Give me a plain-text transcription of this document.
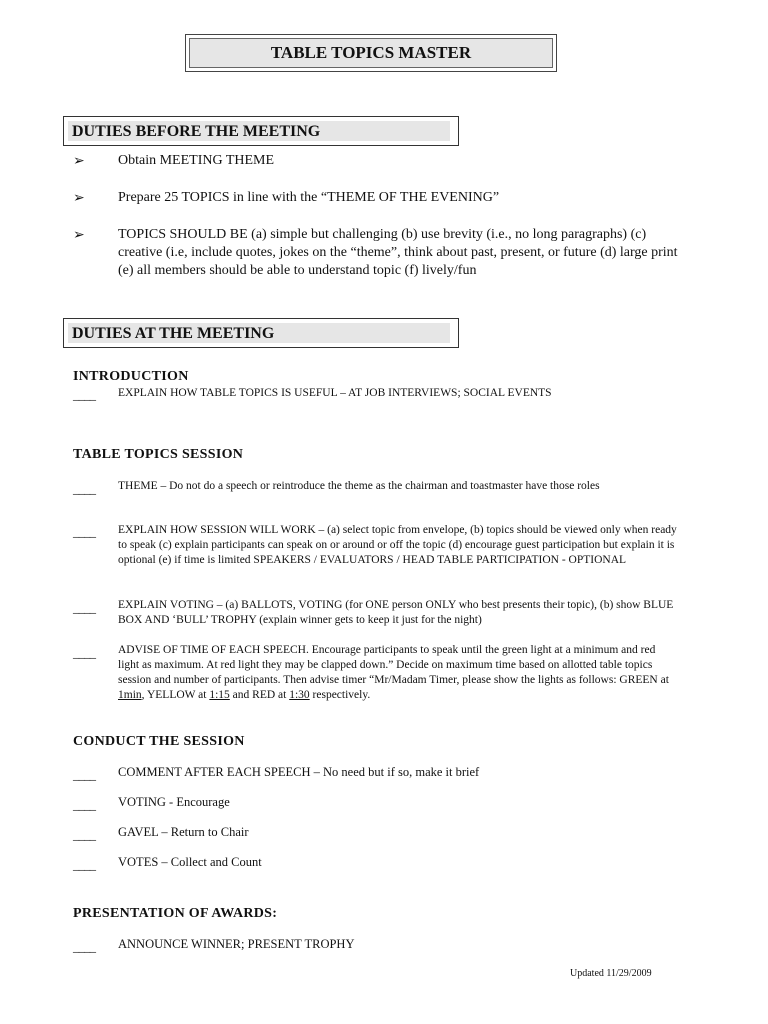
TABLE TOPICS MASTER
DUTIES BEFORE THE MEETING
➢ Obtain MEETING THEME
➢ Prepare 25 TOPICS in line with the “THEME OF THE EVENING”
➢ TOPICS SHOULD BE (a) simple but challenging (b) use brevity (i.e., no long paragraphs) (c) creative (i.e, include quotes, jokes on the “theme”, think about past, present, or future (d) large print (e) all members should be able to understand topic (f) lively/fun
DUTIES AT THE MEETING
INTRODUCTION
____ EXPLAIN HOW TABLE TOPICS IS USEFUL – AT JOB INTERVIEWS; SOCIAL EVENTS
TABLE TOPICS SESSION
____ THEME – Do not do a speech or reintroduce the theme as the chairman and toastmaster have those roles
____ EXPLAIN HOW SESSION WILL WORK – (a) select topic from envelope, (b) topics should be viewed only when ready to speak (c) explain participants can speak on or around or off the topic (d) encourage guest participation but explain it is optional (e) if time is limited SPEAKERS / EVALUATORS / HEAD TABLE PARTICIPATION - OPTIONAL
____ EXPLAIN VOTING – (a) BALLOTS, VOTING (for ONE person ONLY who best presents their topic), (b) show BLUE BOX AND ‘BULL’ TROPHY (explain winner gets to keep it just for the night)
____ ADVISE OF TIME OF EACH SPEECH. Encourage participants to speak until the green light at a minimum and red light as maximum. At red light they may be clapped down.” Decide on maximum time based on allotted table topics session and number of participants. Then advise timer “Mr/Madam Timer, please show the lights as follows: GREEN at 1min, YELLOW at 1:15 and RED at 1:30 respectively.
CONDUCT THE SESSION
____ COMMENT AFTER EACH SPEECH – No need but if so, make it brief
____ VOTING - Encourage
____ GAVEL – Return to Chair
____ VOTES – Collect and Count
PRESENTATION OF AWARDS:
____ ANNOUNCE WINNER; PRESENT TROPHY
Updated 11/29/2009
